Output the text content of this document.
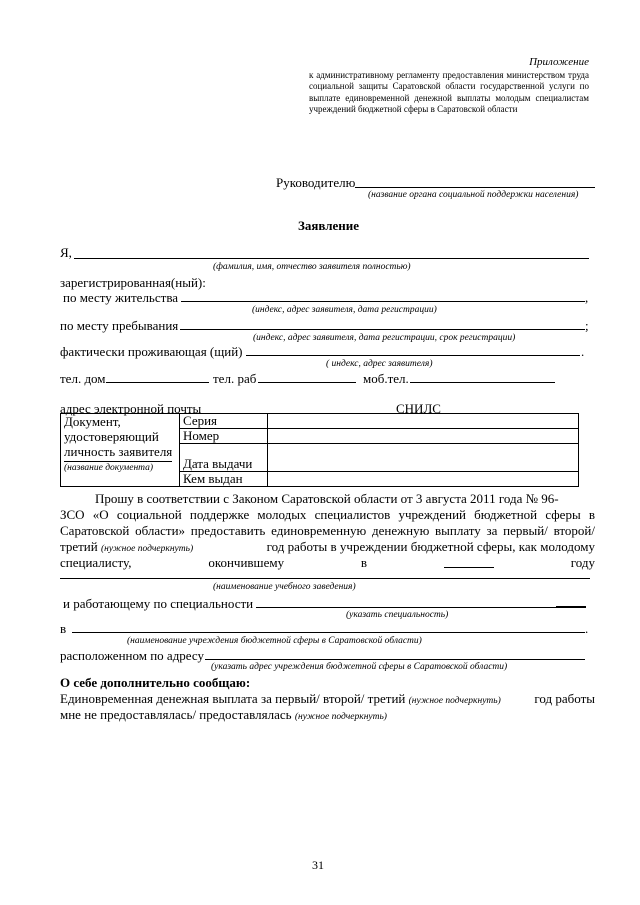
Приложение
к административному регламенту предоставления министерством труда социальной защиты Саратовской области государственной услуги по выплате единовременной денежной выплаты молодым специалистам учреждений бюджетной сферы в Саратовской области
Руководителю
(название органа социальной поддержки населения)
Заявление
Я,
(фамилия, имя, отчество заявителя полностью)
зарегистрированная(ный):
по месту жительства	,
(индекс, адрес заявителя, дата регистрации)
по месту пребывания	;
(индекс, адрес заявителя, дата регистрации, срок регистрации)
фактически проживающая (щий)	.
( индекс, адрес заявителя)
тел. дом	тел. раб	моб.тел.
адрес электронной почты	СНИЛС
Документ, удостоверяющий личность заявителя
(название документа)	Серия	
	Номер	
	Дата выдачи	
	Кем выдан	
Прошу в соответствии с Законом Саратовской области от 3 августа 2011 года № 96-
ЗСО «О социальной поддержке молодых специалистов учреждений бюджетной сферы в
Саратовской области» предоставить единовременную денежную выплату за первый/ второй/
третий (нужное подчеркнуть)	год работы в учреждении бюджетной сферы, как молодому
специалисту,	окончившему	в	году
(наименование учебного заведения)
и работающему по специальности
(указать специальность)
в	.
(наименование учреждения бюджетной сферы в Саратовской области)
расположенном по адресу
(указать адрес учреждения бюджетной сферы в Саратовской области)
О себе дополнительно сообщаю:
Единовременная денежная выплата за первый/ второй/ третий (нужное подчеркнуть)	год работы
мне не предоставлялась/ предоставлялась (нужное подчеркнуть)
31
